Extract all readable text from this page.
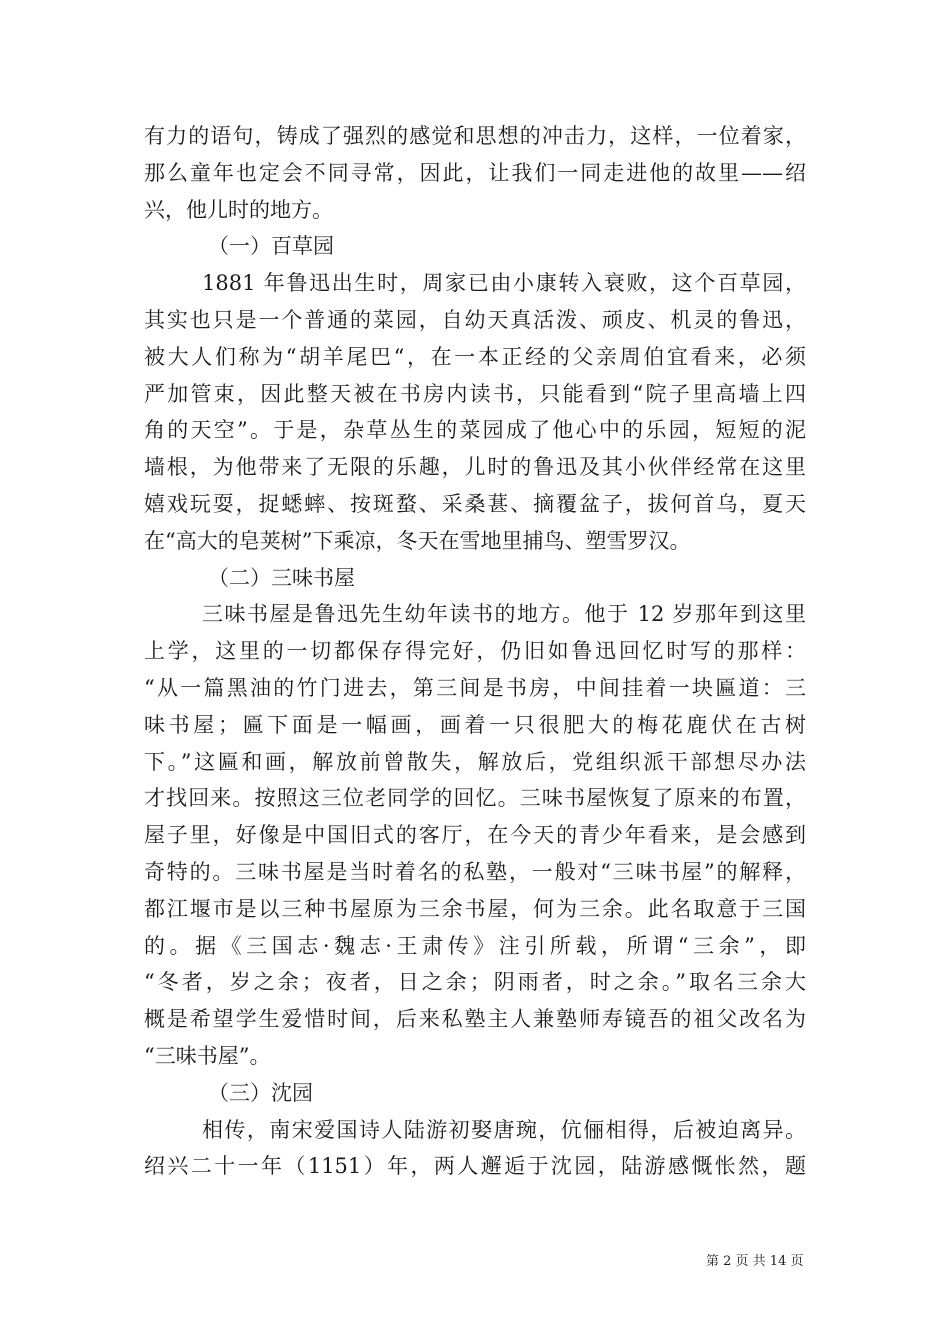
有力的语句，铸成了强烈的感觉和思想的冲击力，这样，一位着家，
那么童年也定会不同寻常，因此，让我们一同走进他的故里——绍
兴，他儿时的地方。
（一）百草园
1881 年鲁迅出生时，周家已由小康转入衰败，这个百草园，
其实也只是一个普通的菜园，自幼天真活泼、顽皮、机灵的鲁迅，
被大人们称为“胡羊尾巴“，在一本正经的父亲周伯宜看来，必须
严加管束，因此整天被在书房内读书，只能看到“院子里高墙上四
角的天空”。于是，杂草丛生的菜园成了他心中的乐园，短短的泥
墙根，为他带来了无限的乐趣，儿时的鲁迅及其小伙伴经常在这里
嬉戏玩耍，捉蟋蟀、按斑蝥、采桑葚、摘覆盆子，拔何首乌，夏天
在“高大的皂荚树”下乘凉，冬天在雪地里捕鸟、塑雪罗汉。
（二）三味书屋
三味书屋是鲁迅先生幼年读书的地方。他于 12 岁那年到这里
上学，这里的一切都保存得完好，仍旧如鲁迅回忆时写的那样：
“从一篇黑油的竹门进去，第三间是书房，中间挂着一块匾道：三
味书屋；匾下面是一幅画，画着一只很肥大的梅花鹿伏在古树
下。”这匾和画，解放前曾散失，解放后，党组织派干部想尽办法
才找回来。按照这三位老同学的回忆。三味书屋恢复了原来的布置，
屋子里，好像是中国旧式的客厅，在今天的青少年看来，是会感到
奇特的。三味书屋是当时着名的私塾，一般对“三味书屋”的解释，
都江堰市是以三种书屋原为三余书屋，何为三余。此名取意于三国
的。据《三国志·魏志·王肃传》注引所载，所谓“三余”，即
“冬者，岁之余；夜者，日之余；阴雨者，时之余。”取名三余大
概是希望学生爱惜时间，后来私塾主人兼塾师寿镜吾的祖父改名为
“三味书屋”。
（三）沈园
相传，南宋爱国诗人陆游初娶唐琬，伉俪相得，后被迫离异。
绍兴二十一年（1151）年，两人邂逅于沈园，陆游感慨怅然，题
第 2 页 共 14 页
